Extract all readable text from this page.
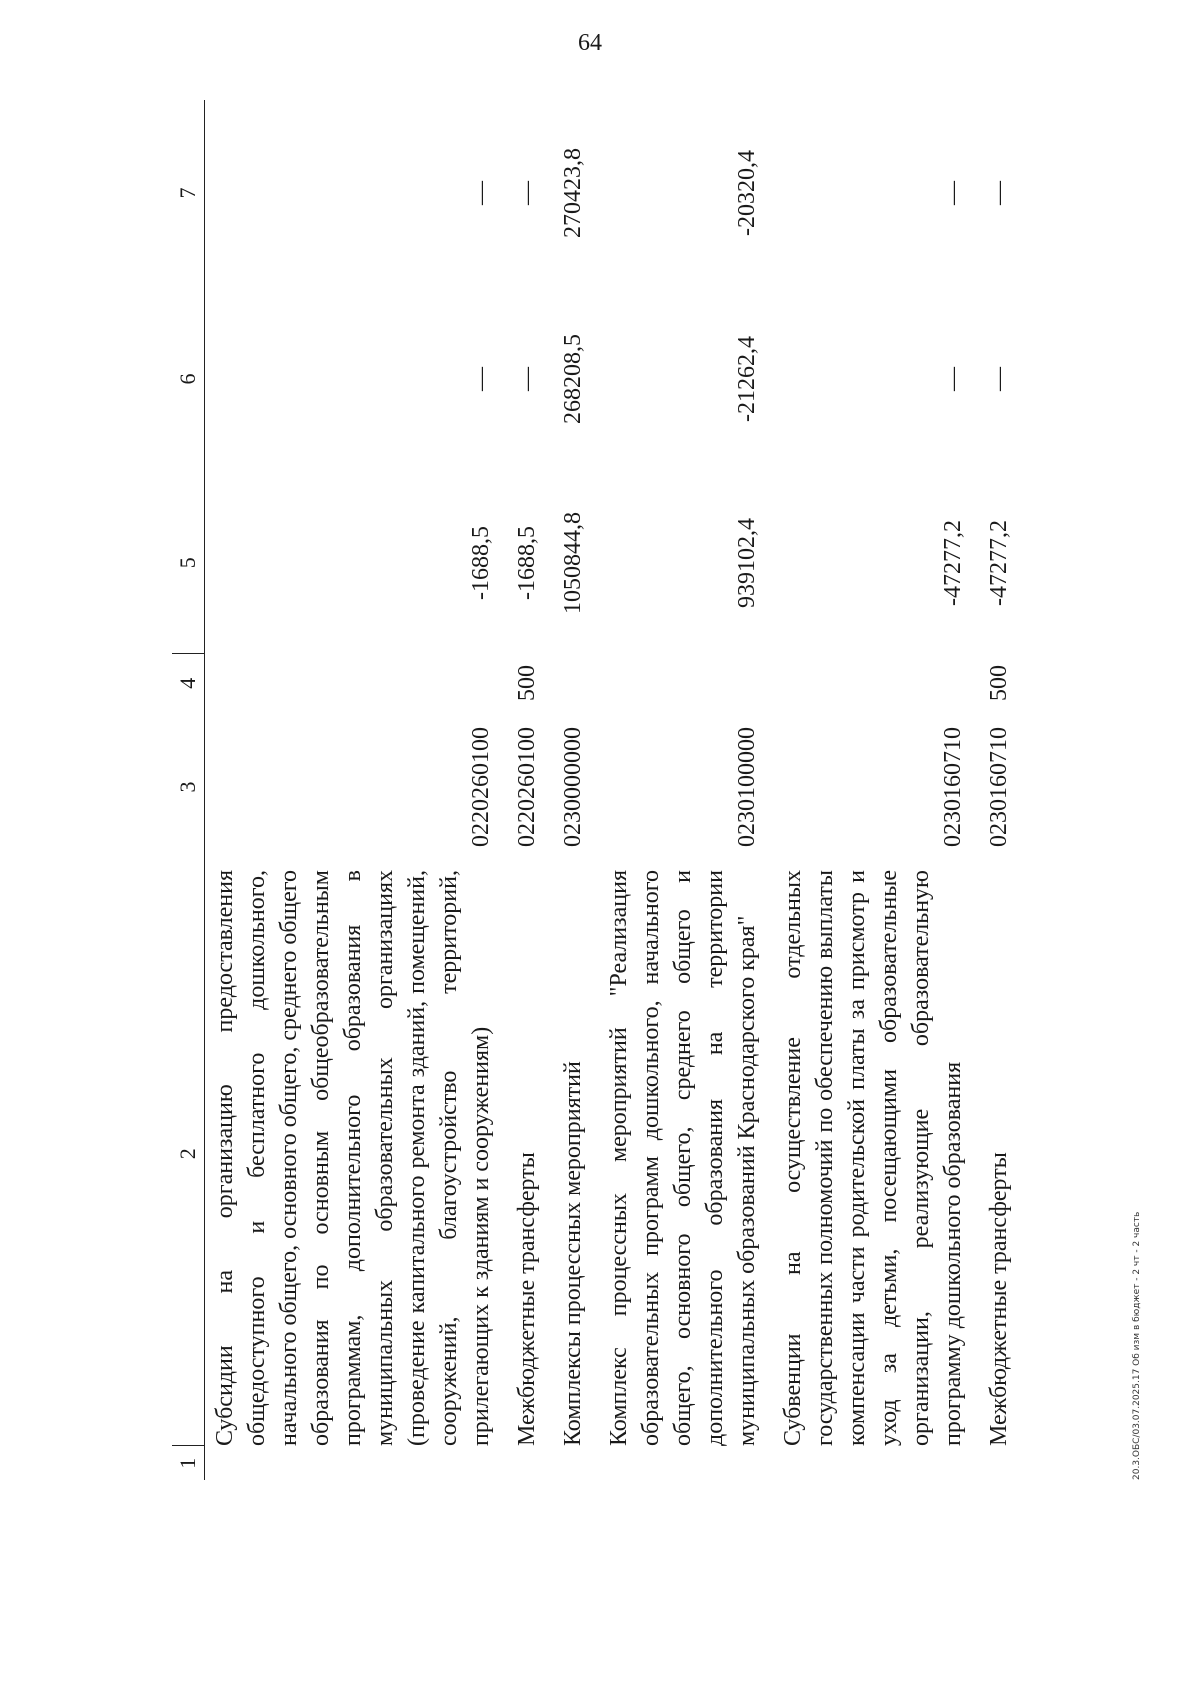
64
1	2	3	4	5	6	7
	Субсидии на организацию предоставления общедоступного и бесплатного дошкольного, начального общего, основного общего, среднего общего образования по основным общеобразовательным программам, дополнительного образования в муниципальных образовательных организациях (проведение капитального ремонта зданий, помещений, сооружений, благоустройство территорий, прилегающих к зданиям и сооружениям)	0220260100		-1688,5	—	—
	Межбюджетные трансферты	0220260100	500	-1688,5	—	—
	Комплексы процессных мероприятий	0230000000		1050844,8	268208,5	270423,8
	Комплекс процессных мероприятий "Реализация образовательных программ дошкольного, начального общего, основного общего, среднего общего и дополнительного образования на территории муниципальных образований Краснодарского края"	0230100000		939102,4	-21262,4	-20320,4
	Субвенции на осуществление отдельных государственных полномочий по обеспечению выплаты компенсации части родительской платы за присмотр и уход за детьми, посещающими образовательные организации, реализующие образовательную программу дошкольного образования	0230160710		-47277,2	—	—
	Межбюджетные трансферты	0230160710	500	-47277,2	—	—
20.3.ОБС/03.07.2025.17 Об изм в бюджет - 2 чт - 2 часть
